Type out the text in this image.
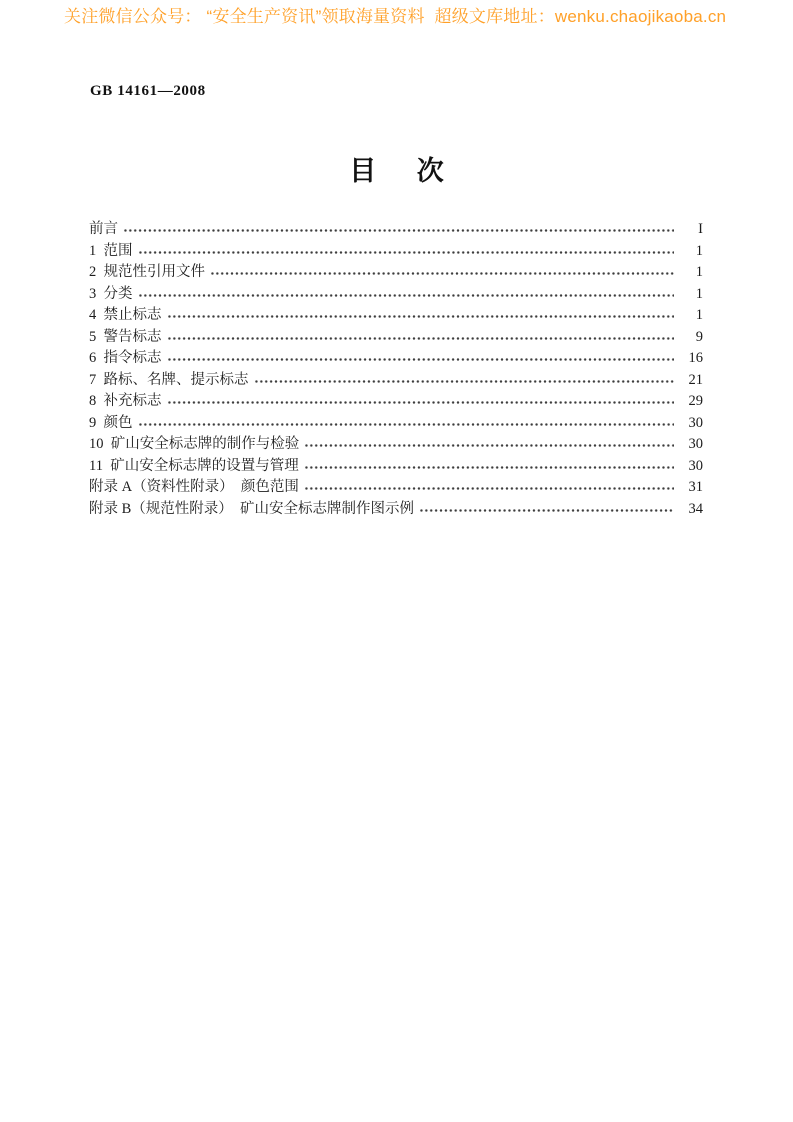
关注微信公众号： “安全生产资讯”领取海量资料  超级文库地址：wenku.chaojikaoba.cn
GB 14161—2008
目      次
前言	I
1  范围	1
2  规范性引用文件	1
3  分类	1
4  禁止标志	1
5  警告标志	9
6  指令标志	16
7  路标、名牌、提示标志	21
8  补充标志	29
9  颜色	30
10  矿山安全标志牌的制作与检验	30
11  矿山安全标志牌的设置与管理	30
附录 A（资料性附录）  颜色范围	31
附录 B（规范性附录）  矿山安全标志牌制作图示例	34
